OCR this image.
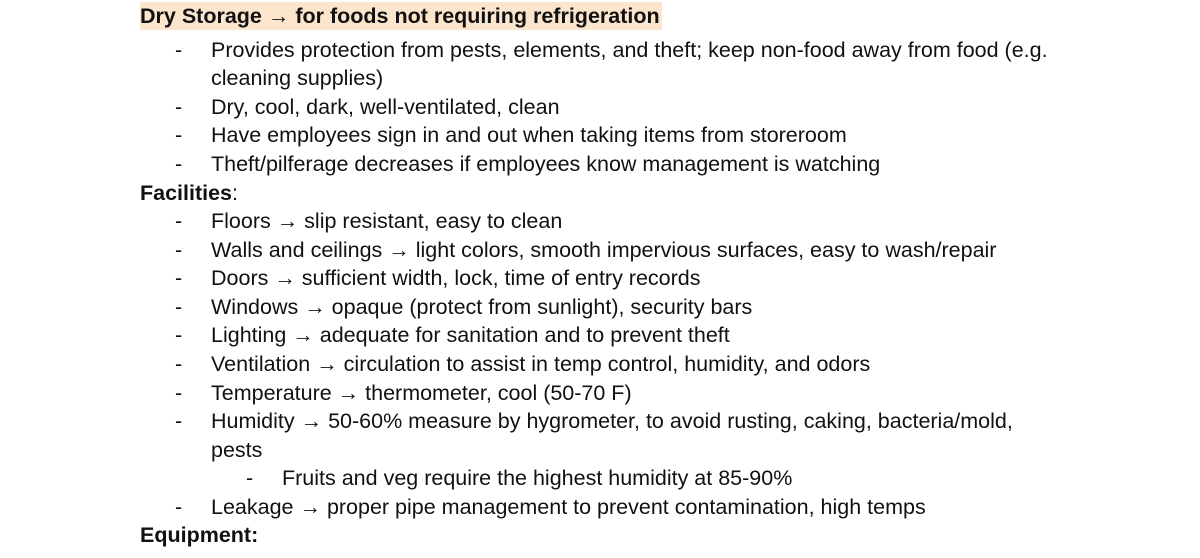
Dry Storage → for foods not requiring refrigeration
- Provides protection from pests, elements, and theft; keep non-food away from food (e.g.
cleaning supplies)
- Dry, cool, dark, well-ventilated, clean
- Have employees sign in and out when taking items from storeroom
- Theft/pilferage decreases if employees know management is watching
Facilities:
- Floors → slip resistant, easy to clean
- Walls and ceilings → light colors, smooth impervious surfaces, easy to wash/repair
- Doors → sufficient width, lock, time of entry records
- Windows → opaque (protect from sunlight), security bars
- Lighting → adequate for sanitation and to prevent theft
- Ventilation → circulation to assist in temp control, humidity, and odors
- Temperature → thermometer, cool (50-70 F)
- Humidity → 50-60% measure by hygrometer, to avoid rusting, caking, bacteria/mold,
pests
- Fruits and veg require the highest humidity at 85-90%
- Leakage → proper pipe management to prevent contamination, high temps
Equipment:
